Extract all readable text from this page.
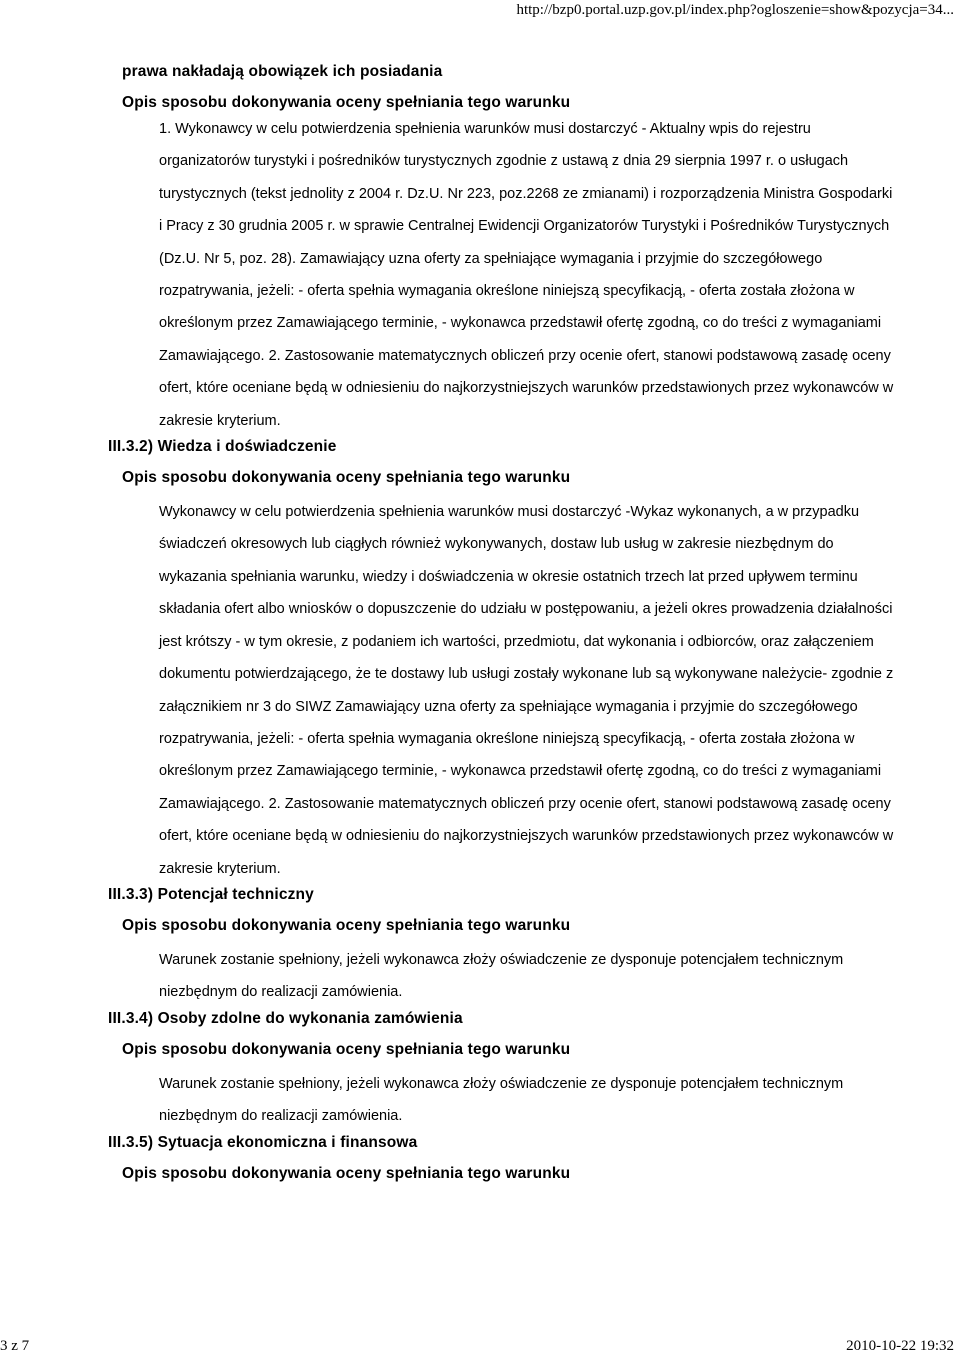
http://bzp0.portal.uzp.gov.pl/index.php?ogloszenie=show&pozycja=34...
prawa nakładają obowiązek ich posiadania
Opis sposobu dokonywania oceny spełniania tego warunku

1. Wykonawcy w celu potwierdzenia spełnienia warunków musi dostarczyć - Aktualny wpis do rejestru organizatorów turystyki i pośredników turystycznych zgodnie z ustawą z dnia 29 sierpnia 1997 r. o usługach turystycznych (tekst jednolity z 2004 r. Dz.U. Nr 223, poz.2268 ze zmianami) i rozporządzenia Ministra Gospodarki i Pracy z 30 grudnia 2005 r. w sprawie Centralnej Ewidencji Organizatorów Turystyki i Pośredników Turystycznych (Dz.U. Nr 5, poz. 28). Zamawiający uzna oferty za spełniające wymagania i przyjmie do szczegółowego rozpatrywania, jeżeli: - oferta spełnia wymagania określone niniejszą specyfikacją, - oferta została złożona w określonym przez Zamawiającego terminie, - wykonawca przedstawił ofertę zgodną, co do treści z wymaganiami Zamawiającego. 2. Zastosowanie matematycznych obliczeń przy ocenie ofert, stanowi podstawową zasadę oceny ofert, które oceniane będą w odniesieniu do najkorzystniejszych warunków przedstawionych przez wykonawców w zakresie kryterium.

III.3.2) Wiedza i doświadczenie
Opis sposobu dokonywania oceny spełniania tego warunku

Wykonawcy w celu potwierdzenia spełnienia warunków musi dostarczyć -Wykaz wykonanych, a w przypadku świadczeń okresowych lub ciągłych również wykonywanych, dostaw lub usług w zakresie niezbędnym do wykazania spełniania warunku, wiedzy i doświadczenia w okresie ostatnich trzech lat przed upływem terminu składania ofert albo wniosków o dopuszczenie do udziału w postępowaniu, a jeżeli okres prowadzenia działalności jest krótszy - w tym okresie, z podaniem ich wartości, przedmiotu, dat wykonania i odbiorców, oraz załączeniem dokumentu potwierdzającego, że te dostawy lub usługi zostały wykonane lub są wykonywane należycie- zgodnie z załącznikiem nr 3 do SIWZ Zamawiający uzna oferty za spełniające wymagania i przyjmie do szczegółowego rozpatrywania, jeżeli: - oferta spełnia wymagania określone niniejszą specyfikacją, - oferta została złożona w określonym przez Zamawiającego terminie, - wykonawca przedstawił ofertę zgodną, co do treści z wymaganiami Zamawiającego. 2. Zastosowanie matematycznych obliczeń przy ocenie ofert, stanowi podstawową zasadę oceny ofert, które oceniane będą w odniesieniu do najkorzystniejszych warunków przedstawionych przez wykonawców w zakresie kryterium.

III.3.3) Potencjał techniczny
Opis sposobu dokonywania oceny spełniania tego warunku

Warunek zostanie spełniony, jeżeli wykonawca złoży oświadczenie ze dysponuje potencjałem technicznym niezbędnym do realizacji zamówienia.

III.3.4) Osoby zdolne do wykonania zamówienia
Opis sposobu dokonywania oceny spełniania tego warunku

Warunek zostanie spełniony, jeżeli wykonawca złoży oświadczenie ze dysponuje potencjałem technicznym niezbędnym do realizacji zamówienia.

III.3.5) Sytuacja ekonomiczna i finansowa
Opis sposobu dokonywania oceny spełniania tego warunku
3 z 7	2010-10-22 19:32
